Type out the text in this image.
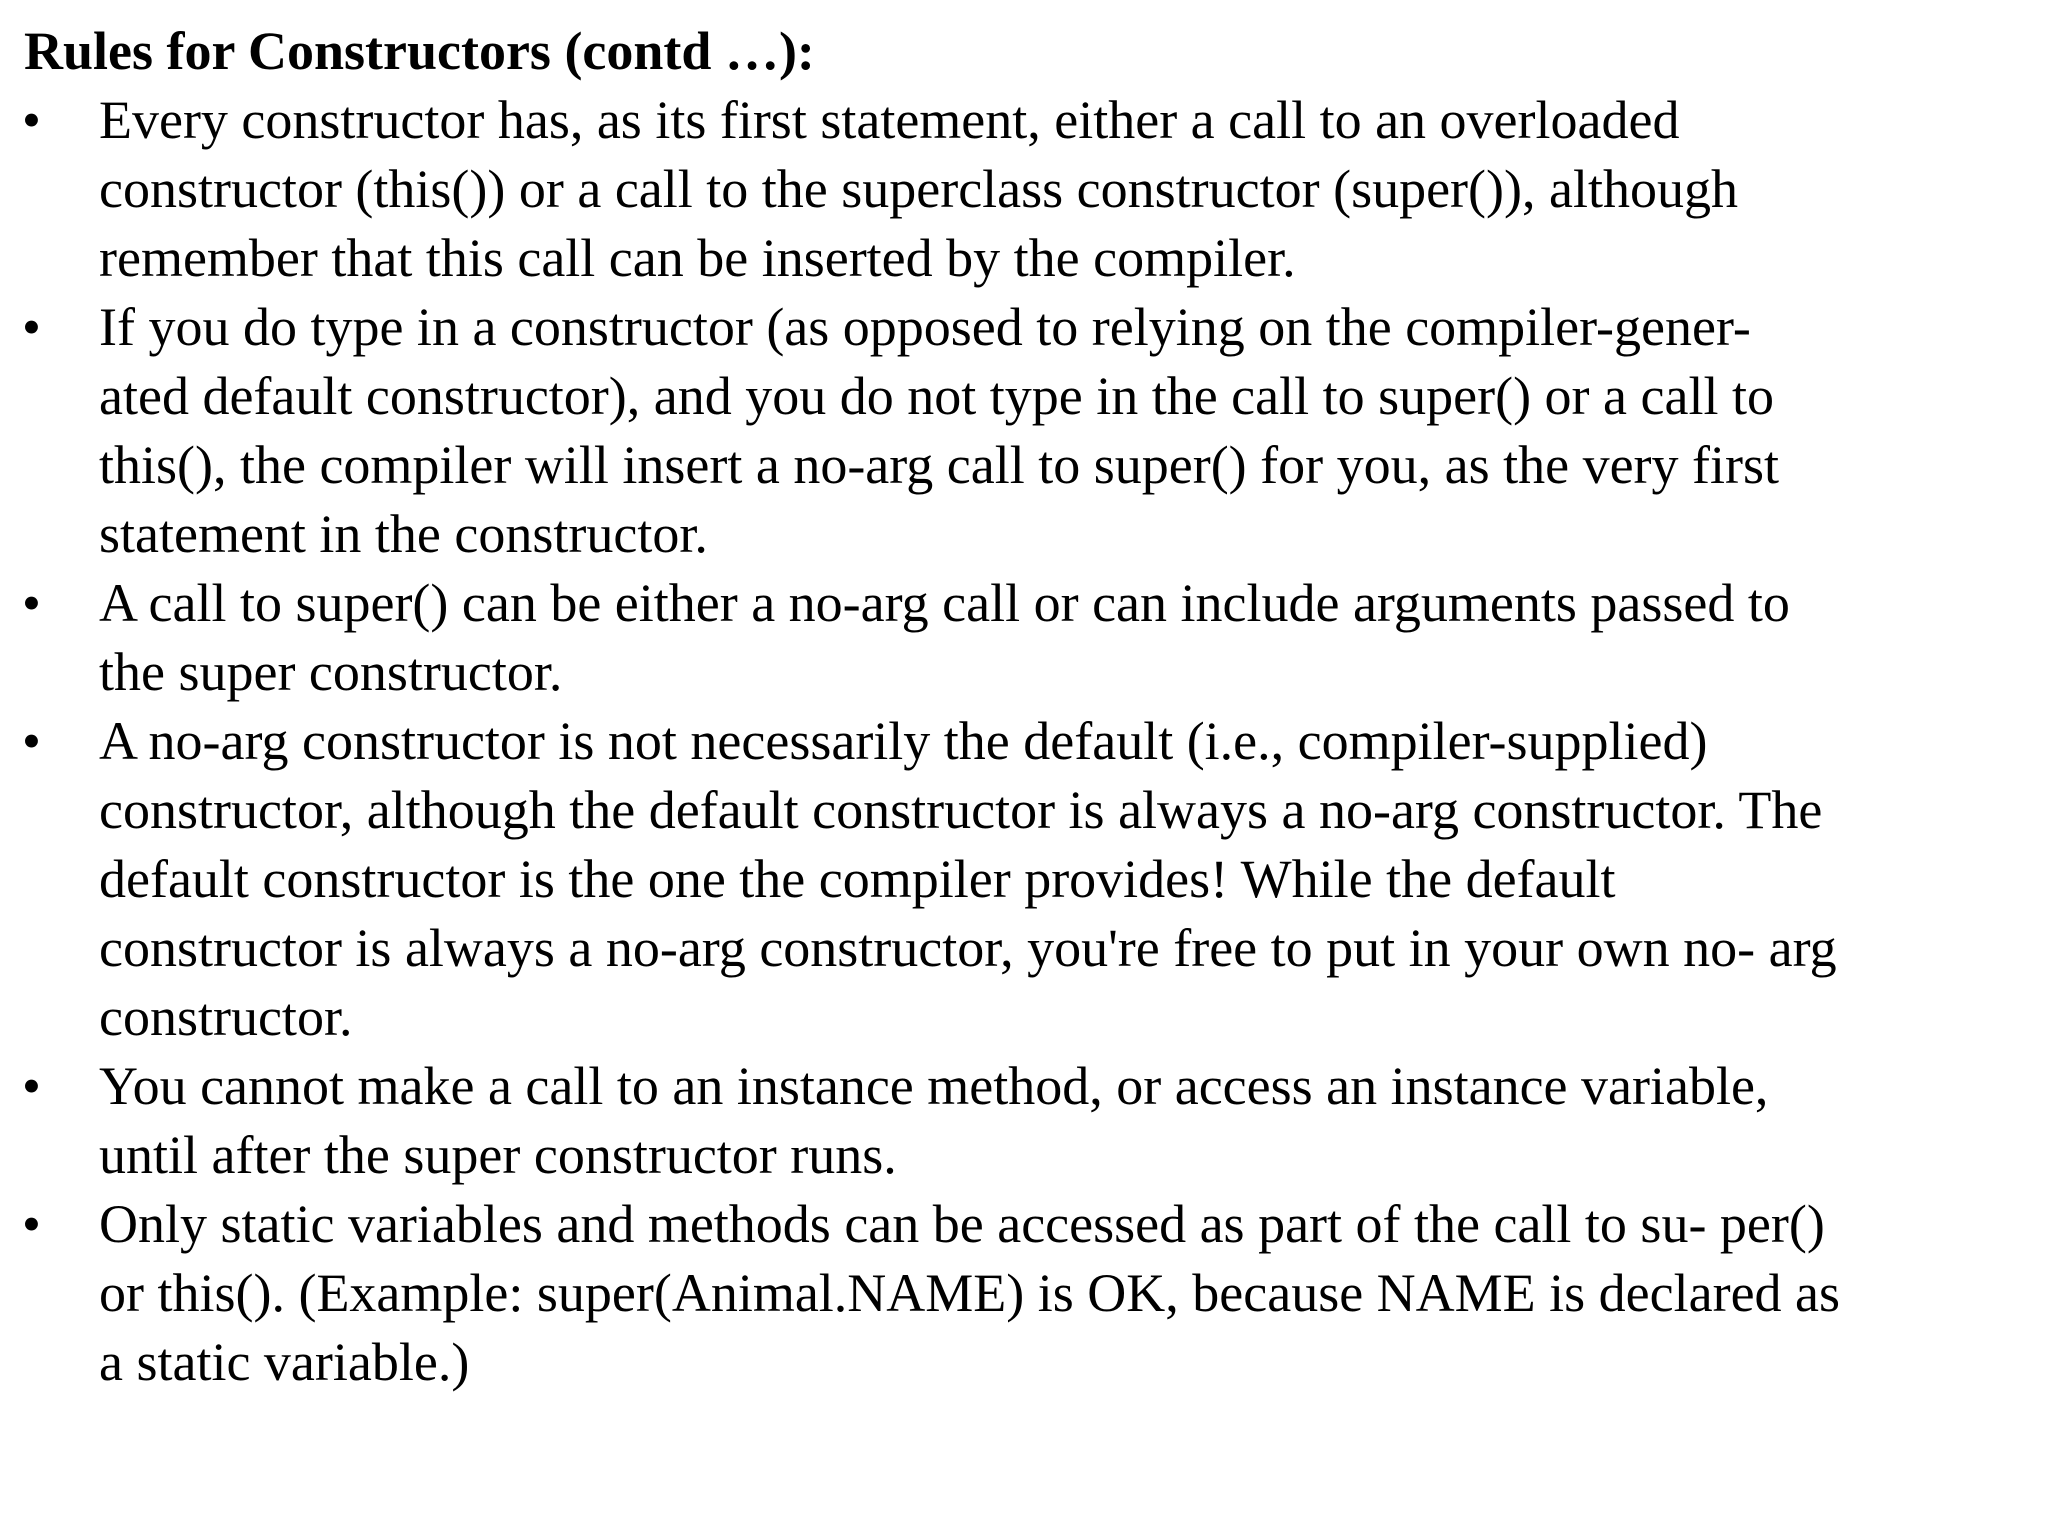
Rules for Constructors (contd …):
• Every constructor has, as its first statement, either a call to an overloaded
constructor (this()) or a call to the superclass constructor (super()), although
remember that this call can be inserted by the compiler.
• If you do type in a constructor (as opposed to relying on the compiler-gener-
ated default constructor), and you do not type in the call to super() or a call to
this(), the compiler will insert a no-arg call to super() for you, as the very first
statement in the constructor.
• A call to super() can be either a no-arg call or can include arguments passed to
the super constructor.
• A no-arg constructor is not necessarily the default (i.e., compiler-supplied)
constructor, although the default constructor is always a no-arg constructor. The
default constructor is the one the compiler provides! While the default
constructor is always a no-arg constructor, you're free to put in your own no- arg
constructor.
• You cannot make a call to an instance method, or access an instance variable,
until after the super constructor runs.
• Only static variables and methods can be accessed as part of the call to su- per()
or this(). (Example: super(Animal.NAME) is OK, because NAME is declared as
a static variable.)
